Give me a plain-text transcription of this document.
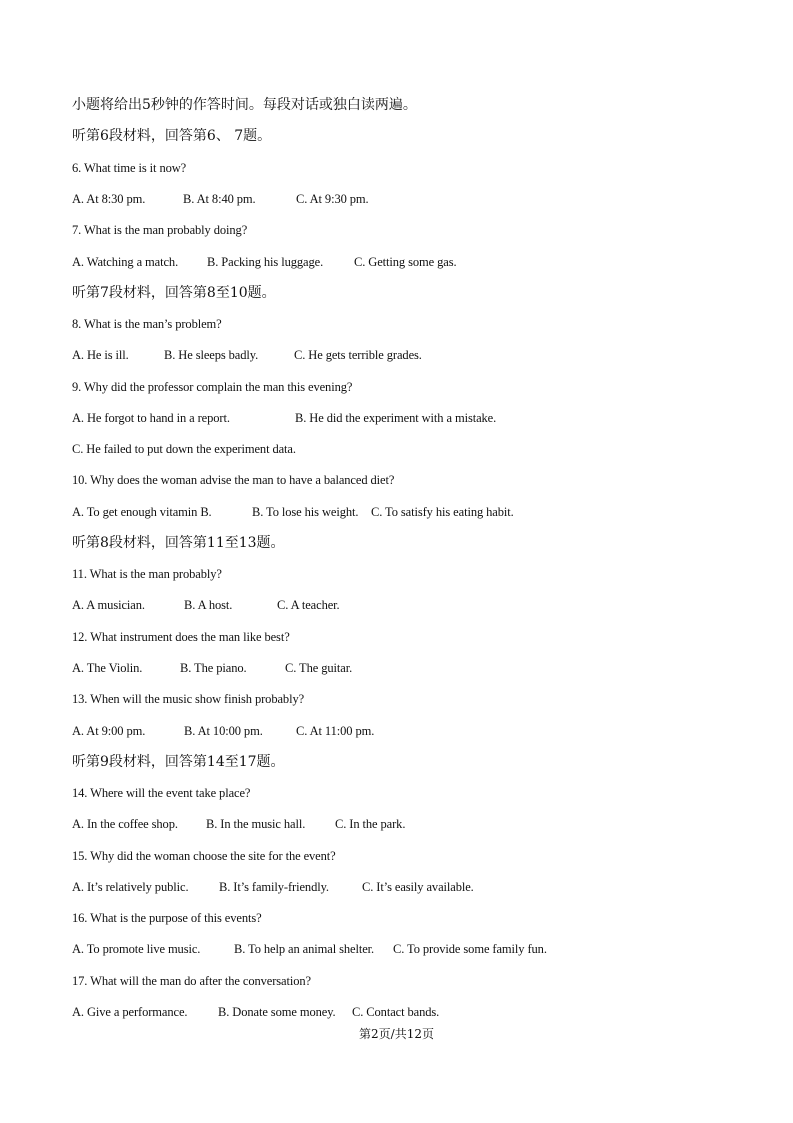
小题将给出5秒钟的作答时间。每段对话或独白读两遍。
听第6段材料，回答第6、 7题。
6. What time is it now?
A. At 8:30 pm.	B. At 8:40 pm.	C. At 9:30 pm.
7. What is the man probably doing?
A. Watching a match. B. Packing his luggage. C. Getting some gas.
听第7段材料，回答第8至10题。
8. What is the man’s problem?
A. He is ill.	B. He sleeps badly.	C. He gets terrible grades.
9. Why did the professor complain the man this evening?
A. He forgot to hand in a report.	B. He did the experiment with a mistake.
C. He failed to put down the experiment data.
10. Why does the woman advise the man to have a balanced diet?
A. To get enough vitamin B.	B. To lose his weight. C. To satisfy his eating habit.
听第8段材料，回答第11至13题。
11. What is the man probably?
A. A musician.	B. A host.	C. A teacher.
12. What instrument does the man like best?
A. The Violin.	B. The piano.	C. The guitar.
13. When will the music show finish probably?
A. At 9:00 pm.	B. At 10:00 pm.	C. At 11:00 pm.
听第9段材料，回答第14至17题。
14. Where will the event take place?
A. In the coffee shop. B. In the music hall. C. In the park.
15. Why did the woman choose the site for the event?
A. It’s relatively public. B. It’s family-friendly.	C. It’s easily available.
16. What is the purpose of this events?
A. To promote live music.	B. To help an animal shelter. C. To provide some family fun.
17. What will the man do after the conversation?
A. Give a performance. B. Donate some money. C. Contact bands.
第2页/共12页
